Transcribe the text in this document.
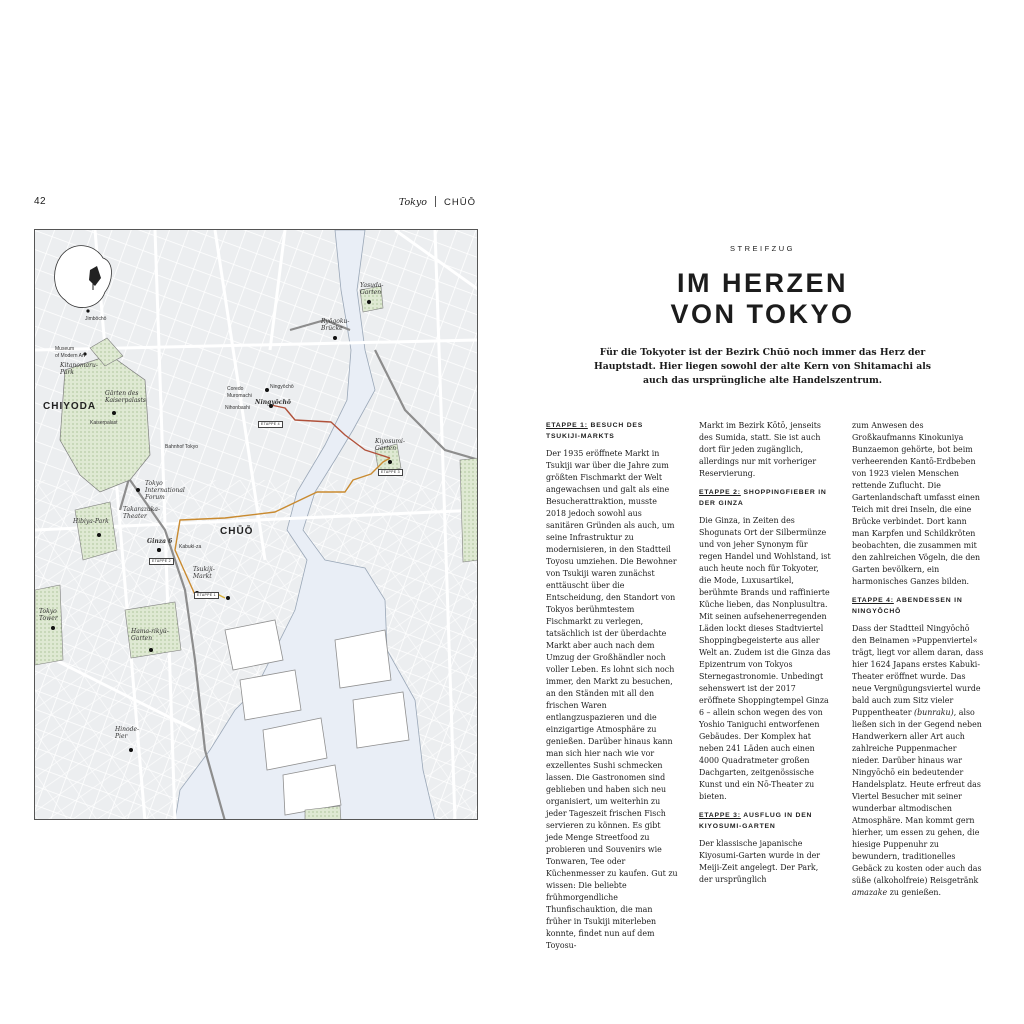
42	Tokyo CHŪŌ
Jimbōchō
Museum
of Modern Art
Kitanomaru-
Park
CHIYODA
Gärten des
Kaiserpalasts
Kaiserpalast
Ryōgoku-
Brücke
Yasuda-
Garten
Ningyōchō
Coredo
Muromachi
Nihonbashi
Ningyōchō
ETAPPE 4
Bahnhof Tokyo
Kiyosumi-
Garten
ETAPPE 3
Tokyo
International
Forum
Takarazuka-
Theater
Hibiya-Park
CHŪŌ
Ginza 6
ETAPPE 2
Kabuki-za
Tsukiji-
Markt
ETAPPE 1
Tokyo
Tower
Hama-rikyū-
Garten
Hinode-
Pier
STREIFZUG
IM HERZEN
VON TOKYO
Für die Tokyoter ist der Bezirk Chūō noch immer das Herz der Hauptstadt. Hier liegen sowohl der alte Kern von Shitamachi als auch das ursprüngliche alte Handelszentrum.
ETAPPE 1: BESUCH DES TSUKIJI-MARKTS

Der 1935 eröffnete Markt in Tsukiji war über die Jahre zum größten Fischmarkt der Welt angewachsen und galt als eine Besucherattraktion, musste 2018 jedoch sowohl aus sanitären Gründen als auch, um seine Infrastruktur zu modernisieren, in den Stadtteil Toyosu umziehen. Die Bewohner von Tsukiji waren zunächst enttäuscht über die Entscheidung, den Standort von Tokyos berühmtestem Fischmarkt zu verlegen, tatsächlich ist der überdachte Markt aber auch nach dem Umzug der Großhändler noch voller Leben. Es lohnt sich noch immer, den Markt zu besuchen, an den Ständen mit all den frischen Waren entlangzuspazieren und die einzigartige Atmosphäre zu genießen. Darüber hinaus kann man sich hier nach wie vor exzellentes Sushi schmecken lassen. Die Gastronomen sind geblieben und haben sich neu organisiert, um weiterhin zu jeder Tageszeit frischen Fisch servieren zu können. Es gibt jede Menge Streetfood zu probieren und Souvenirs wie Tonwaren, Tee oder Küchenmesser zu kaufen. Gut zu wissen: Die beliebte frühmorgendliche Thunfischauktion, die man früher in Tsukiji miterleben konnte, findet nun auf dem Toyosu-

Markt im Bezirk Kōtō, jenseits des Sumida, statt. Sie ist auch dort für jeden zugänglich, allerdings nur mit vorheriger Reservierung.

ETAPPE 2: SHOPPINGFIEBER IN DER GINZA

Die Ginza, in Zeiten des Shogunats Ort der Silbermünze und von jeher Synonym für regen Handel und Wohlstand, ist auch heute noch für Tokyoter, die Mode, Luxusartikel, berühmte Brands und raffinierte Küche lieben, das Nonplusultra. Mit seinen aufsehenerregenden Läden lockt dieses Stadtviertel Shoppingbegeisterte aus aller Welt an. Zudem ist die Ginza das Epizentrum von Tokyos Sternegastronomie. Unbedingt sehenswert ist der 2017 eröffnete Shoppingtempel Ginza 6 – allein schon wegen des von Yoshio Taniguchi entworfenen Gebäudes. Der Komplex hat neben 241 Läden auch einen 4000 Quadratmeter großen Dachgarten, zeitgenössische Kunst und ein Nō-Theater zu bieten.

ETAPPE 3: AUSFLUG IN DEN KIYOSUMI-GARTEN

Der klassische japanische Kiyosumi-Garten wurde in der Meiji-Zeit angelegt. Der Park, der ursprünglich

zum Anwesen des Großkaufmanns Kinokuniya Bunzaemon gehörte, bot beim verheerenden Kantō-Erdbeben von 1923 vielen Menschen rettende Zuflucht. Die Gartenlandschaft umfasst einen Teich mit drei Inseln, die eine Brücke verbindet. Dort kann man Karpfen und Schildkröten beobachten, die zusammen mit den zahlreichen Vögeln, die den Garten bevölkern, ein harmonisches Ganzes bilden.

ETAPPE 4: ABENDESSEN IN NINGYŌCHŌ

Dass der Stadtteil Ningyōchō den Beinamen »Puppenviertel« trägt, liegt vor allem daran, dass hier 1624 Japans erstes Kabuki-Theater eröffnet wurde. Das neue Vergnügungsviertel wurde bald auch zum Sitz vieler Puppentheater (bunraku), also ließen sich in der Gegend neben Handwerkern aller Art auch zahlreiche Puppenmacher nieder. Darüber hinaus war Ningyōchō ein bedeutender Handelsplatz. Heute erfreut das Viertel Besucher mit seiner wunderbar altmodischen Atmosphäre. Man kommt gern hierher, um essen zu gehen, die hiesige Puppenuhr zu bewundern, traditionelles Gebäck zu kosten oder auch das süße (alkoholfreie) Reisgetränk amazake zu genießen.
